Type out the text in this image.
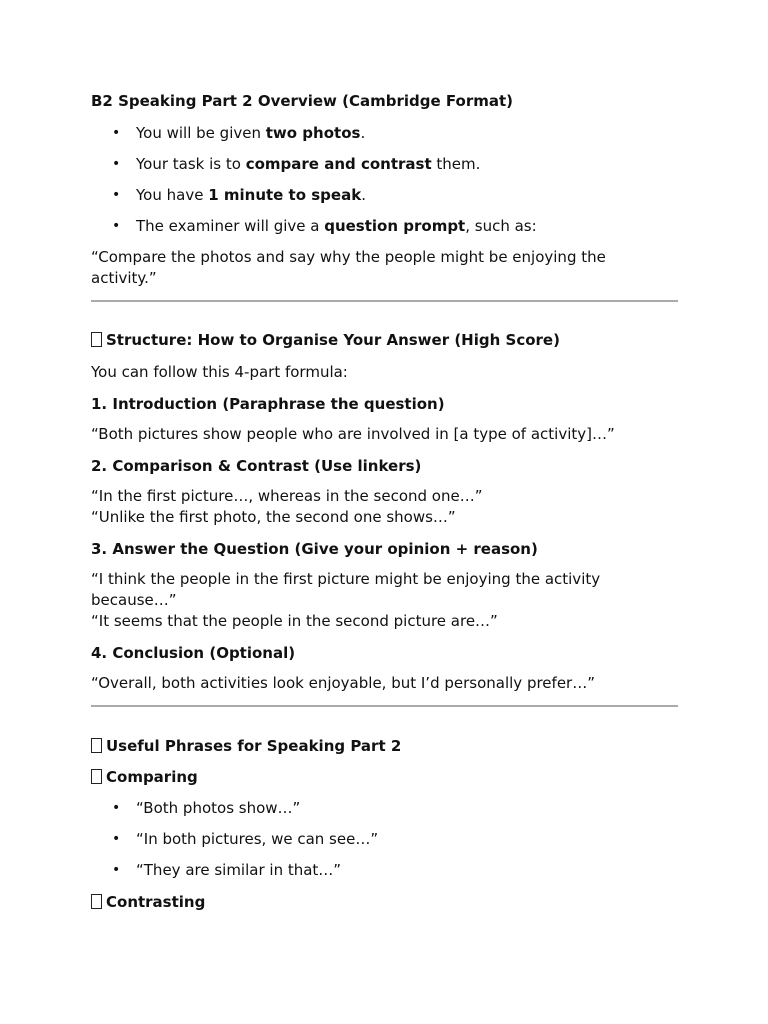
B2 Speaking Part 2 Overview (Cambridge Format)
• You will be given two photos.
• Your task is to compare and contrast them.
• You have 1 minute to speak.
• The examiner will give a question prompt, such as:
“Compare the photos and say why the people might be enjoying the
activity.”
Structure: How to Organise Your Answer (High Score)
You can follow this 4-part formula:
1. Introduction (Paraphrase the question)
“Both pictures show people who are involved in [a type of activity]…”
2. Comparison & Contrast (Use linkers)
“In the first picture…, whereas in the second one…”
“Unlike the first photo, the second one shows…”
3. Answer the Question (Give your opinion + reason)
“I think the people in the first picture might be enjoying the activity
because…”
“It seems that the people in the second picture are…”
4. Conclusion (Optional)
“Overall, both activities look enjoyable, but I’d personally prefer…”
Useful Phrases for Speaking Part 2
Comparing
• “Both photos show…”
• “In both pictures, we can see…”
• “They are similar in that…”
Contrasting
